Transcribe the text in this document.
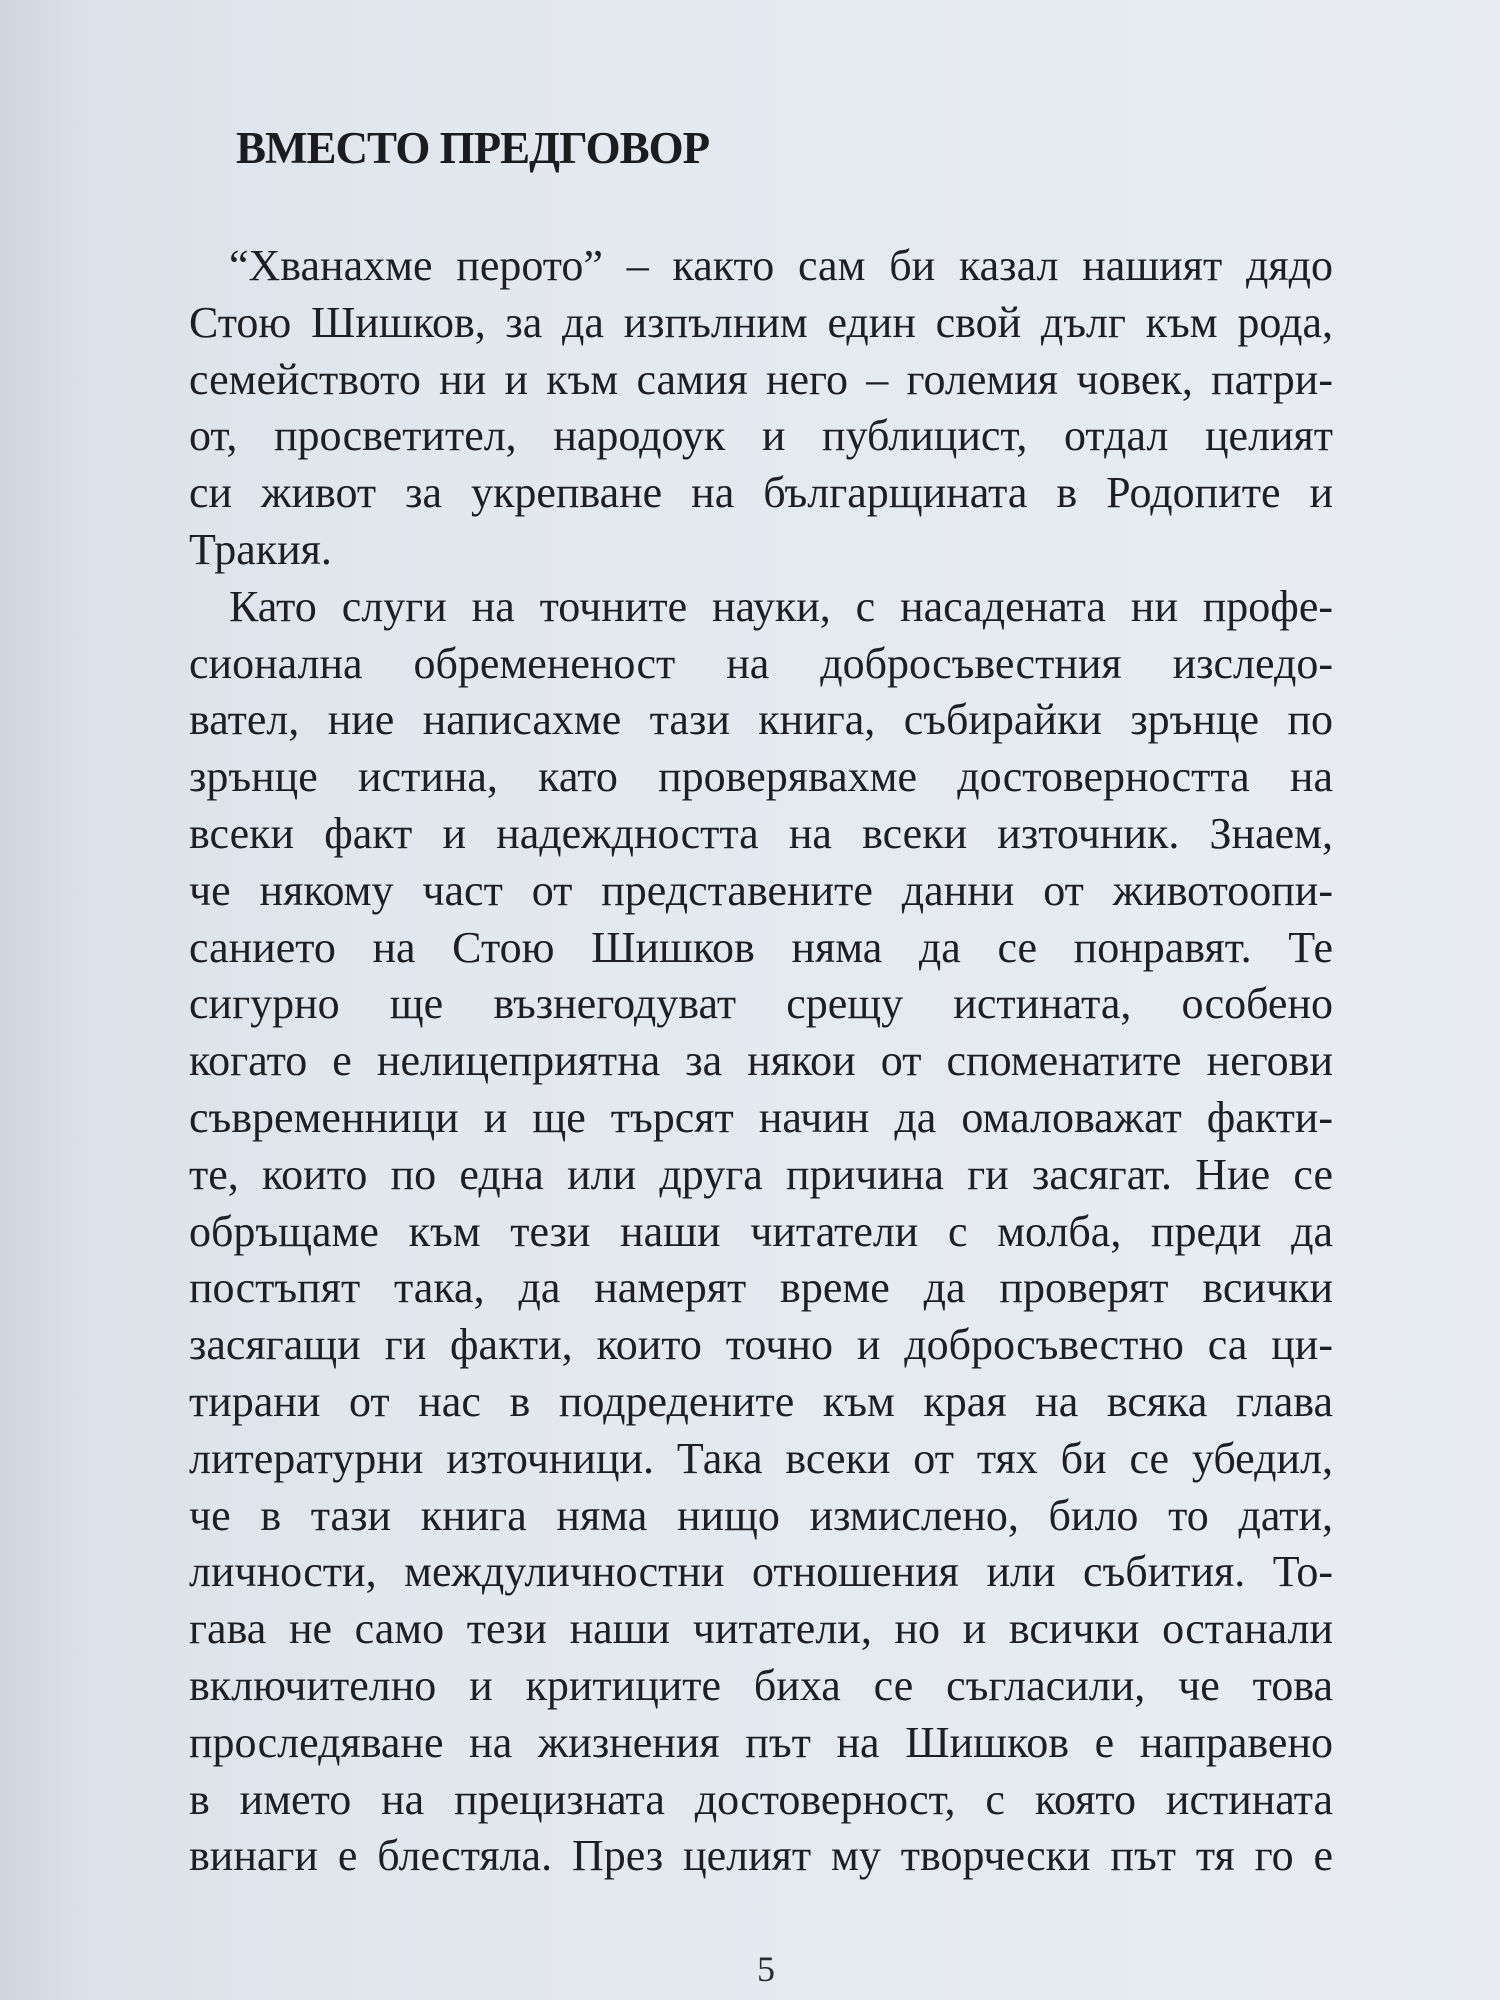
ВМЕСТО ПРЕДГОВОР
“Хванахме перото” – както сам би казал нашият дядо
Стою Шишков, за да изпълним един свой дълг към рода,
семейството ни и към самия него – големия човек, патри-
от, просветител, народоук и публицист, отдал целият
си живот за укрепване на българщината в Родопите и
Тракия.
Като слуги на точните науки, с насадената ни профе-
сионална обремененост на добросъвестния изследо-
вател, ние написахме тази книга, събирайки зрънце по
зрънце истина, като проверявахме достоверността на
всеки факт и надеждността на всеки източник. Знаем,
че някому част от представените данни от животоопи-
санието на Стою Шишков няма да се понравят. Те
сигурно ще възнегодуват срещу истината, особено
когато е нелицеприятна за някои от споменатите негови
съвременници и ще търсят начин да омаловажат факти-
те, които по една или друга причина ги засягат. Ние се
обръщаме към тези наши читатели с молба, преди да
постъпят така, да намерят време да проверят всички
засягащи ги факти, които точно и добросъвестно са ци-
тирани от нас в подредените към края на всяка глава
литературни източници. Така всеки от тях би се убедил,
че в тази книга няма нищо измислено, било то дати,
личности, междуличностни отношения или събития. То-
гава не само тези наши читатели, но и всички останали
включително и критиците биха се съгласили, че това
проследяване на жизнения път на Шишков е направено
в името на прецизната достоверност, с която истината
винаги е блестяла. През целият му творчески път тя го е
5
